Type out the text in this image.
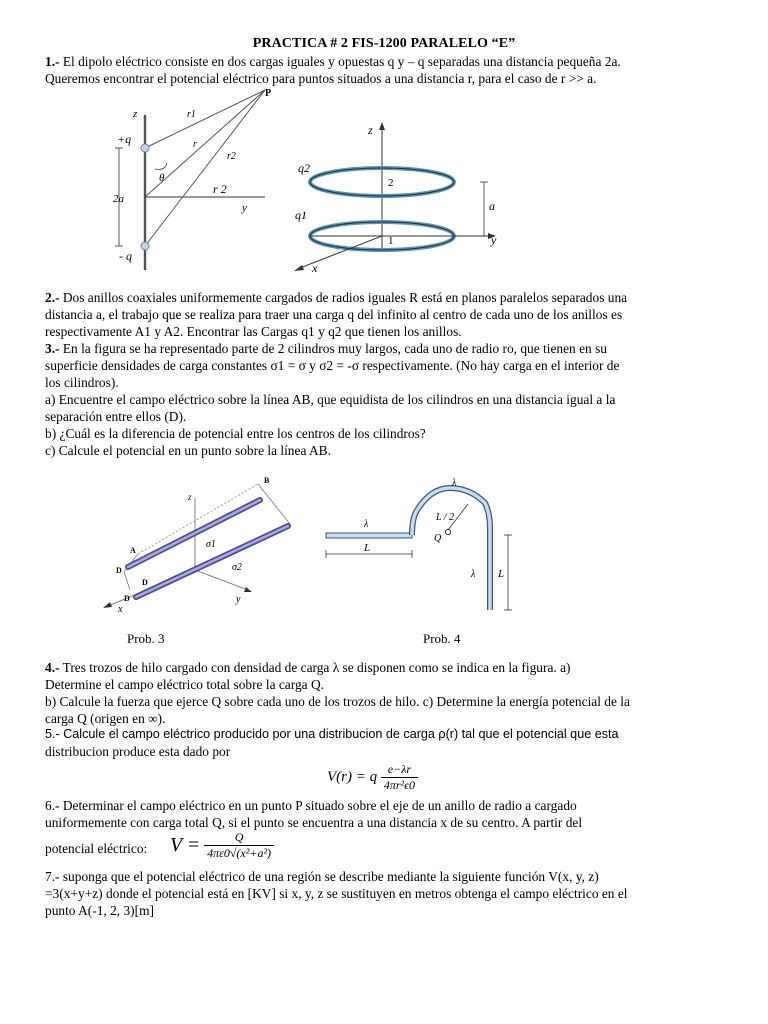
PRACTICA # 2 FIS-1200 PARALELO “E”
1.- El dipolo eléctrico consiste en dos cargas iguales y opuestas q y – q separadas una distancia pequeña 2a.
Queremos encontrar el potencial eléctrico para puntos situados a una distancia r, para el caso de r >> a.
P
z
+q
- q
2a
r1
r
r2
r 2
θ
y
z
q2
q1
2
1
a
y
x
2.- Dos anillos coaxiales uniformemente cargados de radios iguales R está en planos paralelos separados una
distancia a, el trabajo que se realiza para traer una carga q del infinito al centro de cada uno de los anillos es
respectivamente A1 y A2. Encontrar las Cargas q1 y q2 que tienen los anillos.
3.- En la figura se ha representado parte de 2 cilindros muy largos, cada uno de radio ro, que tienen en su
superficie densidades de carga constantes σ1 = σ y σ2 = -σ respectivamente. (No hay carga en el interior de
los cilindros).
a) Encuentre el campo eléctrico sobre la línea AB, que equidista de los cilindros en una distancia igual a la
separación entre ellos (D).
b) ¿Cuál es la diferencia de potencial entre los centros de los cilindros?
c) Calcule el potencial en un punto sobre la línea AB.
z
B
A
σ1
σ2
D
D
D	y
x
λ
λ
λ
L / 2
Q
L
L
Prob. 3	Prob. 4
4.- Tres trozos de hilo cargado con densidad de carga λ se disponen como se indica en la figura. a)
Determine el campo eléctrico total sobre la carga Q.
b) Calcule la fuerza que ejerce Q sobre cada uno de los trozos de hilo. c) Determine la energía potencial de la
carga Q (origen en ∞).
5.- Calcule el campo eléctrico producido por una distribucion de carga ρ(r) tal que el potencial que esta
distribucion produce esta dado por
V(r) = q $\frac{e-\lambda r}{\text{4πr²ϵ0}}$
6.- Determinar el campo eléctrico en un punto P situado sobre el eje de un anillo de radio a cargado
uniformemente con carga total Q, si el punto se encuentra a una distancia x de su centro. A partir del
potencial eléctrico: $V = \frac{Q}{\text{4πε0√(x²+a²)}}$
7.- suponga que el potencial eléctrico de una región se describe mediante la siguiente función V(x, y, z)
=3(x+y+z) donde el potencial está en [KV] si x, y, z se sustituyen en metros obtenga el campo eléctrico en el
punto A(-1, 2, 3)[m]
